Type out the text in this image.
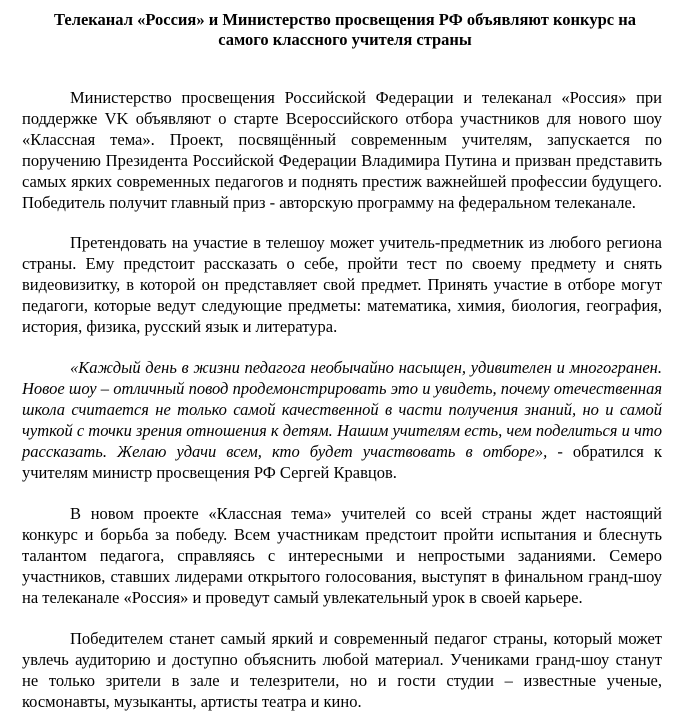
Телеканал «Россия» и Министерство просвещения РФ объявляют конкурс на самого классного учителя страны

Министерство просвещения Российской Федерации и телеканал «Россия» при поддержке VK объявляют о старте Всероссийского отбора участников для нового шоу «Классная тема». Проект, посвящённый современным учителям, запускается по поручению Президента Российской Федерации Владимира Путина и призван представить самых ярких современных педагогов и поднять престиж важнейшей профессии будущего. Победитель получит главный приз - авторскую программу на федеральном телеканале.

Претендовать на участие в телешоу может учитель-предметник из любого региона страны. Ему предстоит рассказать о себе, пройти тест по своему предмету и снять видеовизитку, в которой он представляет свой предмет. Принять участие в отборе могут педагоги, которые ведут следующие предметы: математика, химия, биология, география, история, физика, русский язык и литература.

«Каждый день в жизни педагога необычайно насыщен, удивителен и многогранен. Новое шоу – отличный повод продемонстрировать это и увидеть, почему отечественная школа считается не только самой качественной в части получения знаний, но и самой чуткой с точки зрения отношения к детям. Нашим учителям есть, чем поделиться и что рассказать. Желаю удачи всем, кто будет участвовать в отборе», - обратился к учителям министр просвещения РФ Сергей Кравцов.

В новом проекте «Классная тема» учителей со всей страны ждет настоящий конкурс и борьба за победу. Всем участникам предстоит пройти испытания и блеснуть талантом педагога, справляясь с интересными и непростыми заданиями. Семеро участников, ставших лидерами открытого голосования, выступят в финальном гранд-шоу на телеканале «Россия» и проведут самый увлекательный урок в своей карьере.

Победителем станет самый яркий и современный педагог страны, который может увлечь аудиторию и доступно объяснить любой материал. Учениками гранд-шоу станут не только зрители в зале и телезрители, но и гости студии – известные ученые, космонавты, музыканты, артисты театра и кино.
